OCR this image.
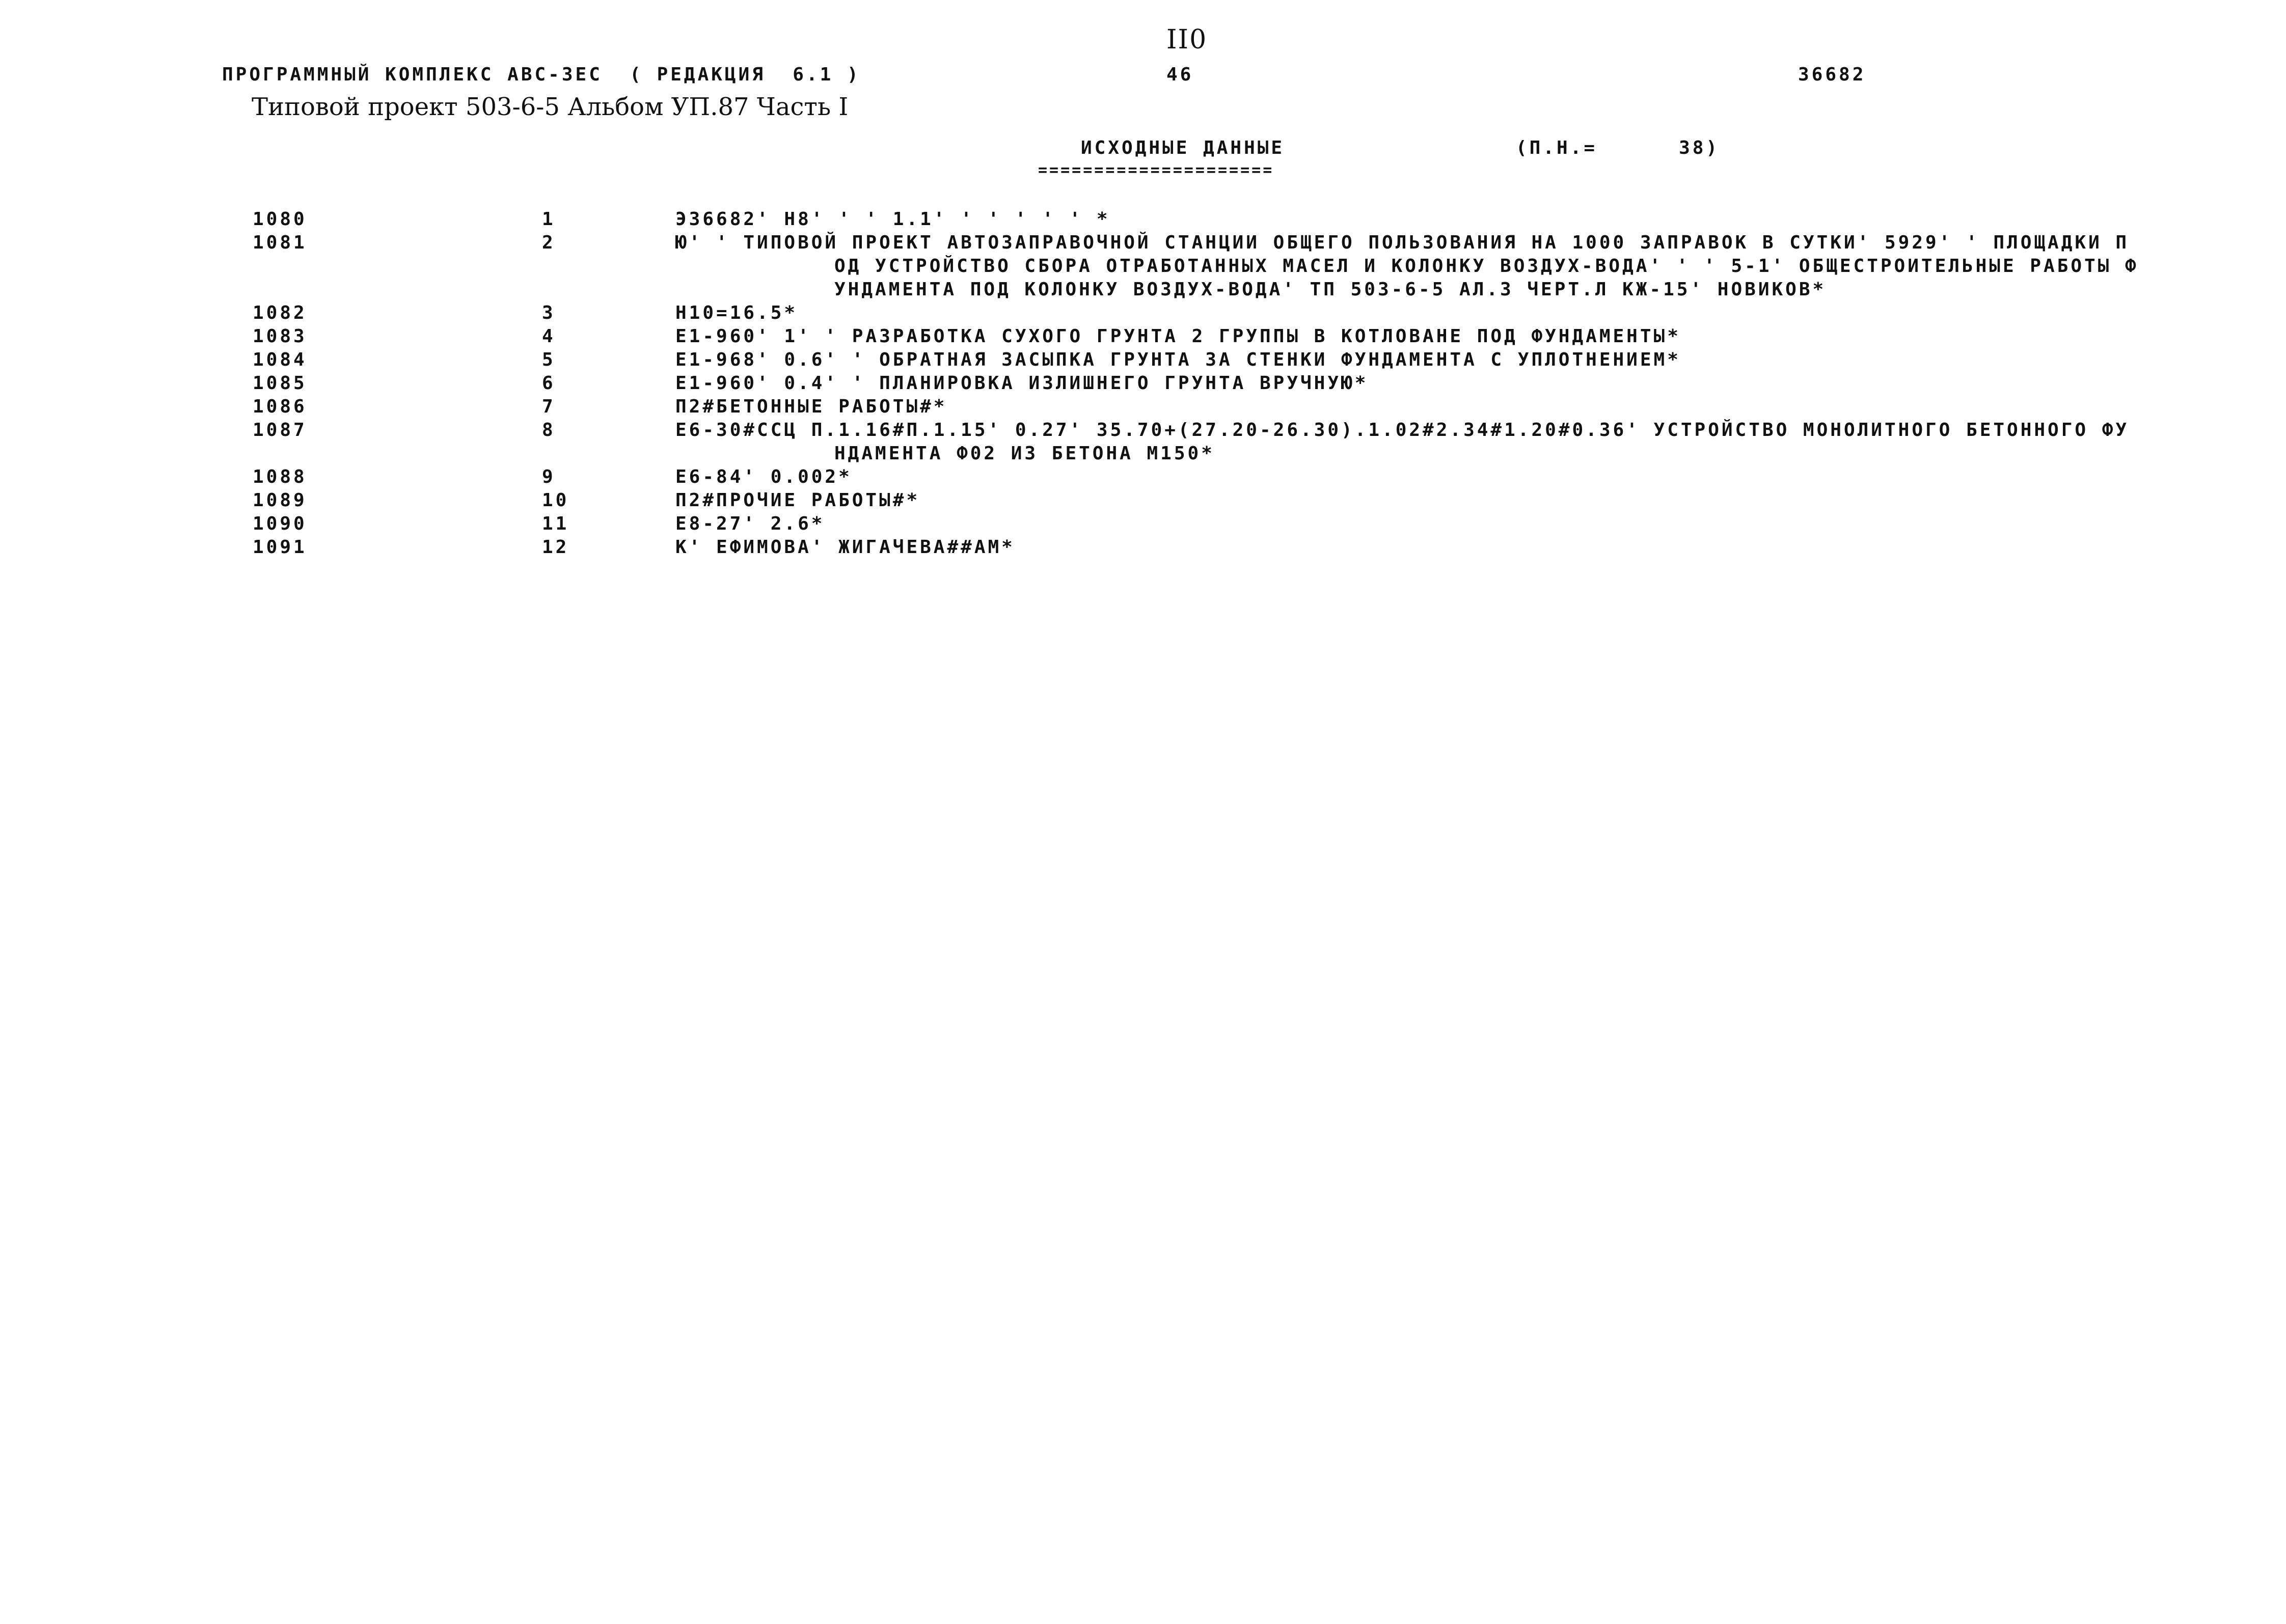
II0
ПРОГРАММНЫЙ КОМПЛЕКС АВС-ЗЕС  ( РЕДАКЦИЯ  6.1 )	46	36682
Типовой проект 503-6-5 Альбом УП.87 Часть I
ИСХОДНЫЕ ДАННЫЕ
=====================
(П.Н.=      38)
1080	1	Э36682' Н8' ' ' 1.1' ' ' ' ' ' *
1081	2	Ю' ' ТИПОВОЙ ПРОЕКТ АВТОЗАПРАВОЧНОЙ СТАНЦИИ ОБЩЕГО ПОЛЬЗОВАНИЯ НА 1000 ЗАПРАВОК В СУТКИ' 5929' ' ПЛОЩАДКИ П
ОД УСТРОЙСТВО СБОРА ОТРАБОТАННЫХ МАСЕЛ И КОЛОНКУ ВОЗДУХ-ВОДА' ' ' 5-1' ОБЩЕСТРОИТЕЛЬНЫЕ РАБОТЫ Ф
УНДАМЕНТА ПОД КОЛОНКУ ВОЗДУХ-ВОДА' ТП 503-6-5 АЛ.3 ЧЕРТ.Л КЖ-15' НОВИКОВ*
1082	3	Н10=16.5*
1083	4	Е1-960' 1' ' РАЗРАБОТКА СУХОГО ГРУНТА 2 ГРУППЫ В КОТЛОВАНЕ ПОД ФУНДАМЕНТЫ*
1084	5	Е1-968' 0.6' ' ОБРАТНАЯ ЗАСЫПКА ГРУНТА ЗА СТЕНКИ ФУНДАМЕНТА С УПЛОТНЕНИЕМ*
1085	6	Е1-960' 0.4' ' ПЛАНИРОВКА ИЗЛИШНЕГО ГРУНТА ВРУЧНУЮ*
1086	7	П2#БЕТОННЫЕ РАБОТЫ#*
1087	8	Е6-30#ССЦ П.1.16#П.1.15' 0.27' 35.70+(27.20-26.30).1.02#2.34#1.20#0.36' УСТРОЙСТВО МОНОЛИТНОГО БЕТОННОГО ФУ
НДАМЕНТА Ф02 ИЗ БЕТОНА М150*
1088	9	Е6-84' 0.002*
1089	10	П2#ПРОЧИЕ РАБОТЫ#*
1090	11	Е8-27' 2.6*
1091	12	К' ЕФИМОВА' ЖИГАЧЕВА##АМ*
